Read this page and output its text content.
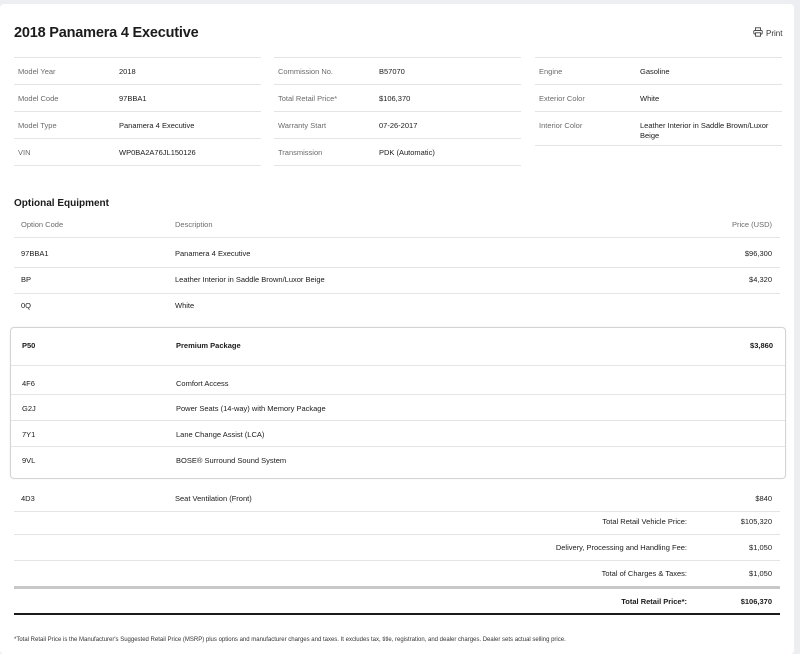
2018 Panamera 4 Executive	Print
Model Year	2018
Model Code	97BBA1
Model Type	Panamera 4 Executive
VIN	WP0BA2A76JL150126
Commission No.	B57070
Total Retail Price*	$106,370
Warranty Start	07-26-2017
Transmission	PDK (Automatic)
Engine	Gasoline
Exterior Color	White
Interior Color	Leather Interior in Saddle Brown/Luxor Beige
Optional Equipment
Option Code	Description	Price (USD)
97BBA1	Panamera 4 Executive	$96,300
BP	Leather Interior in Saddle Brown/Luxor Beige	$4,320
0Q	White
P50	Premium Package	$3,860
4F6	Comfort Access
G2J	Power Seats (14-way) with Memory Package
7Y1	Lane Change Assist (LCA)
9VL	BOSE® Surround Sound System
4D3	Seat Ventilation (Front)	$840
Total Retail Vehicle Price:	$105,320
Delivery, Processing and Handling Fee:	$1,050
Total of Charges & Taxes:	$1,050
Total Retail Price*:	$106,370
*Total Retail Price is the Manufacturer's Suggested Retail Price (MSRP) plus options and manufacturer charges and taxes. It excludes tax, title, registration, and dealer charges. Dealer sets actual selling price.
